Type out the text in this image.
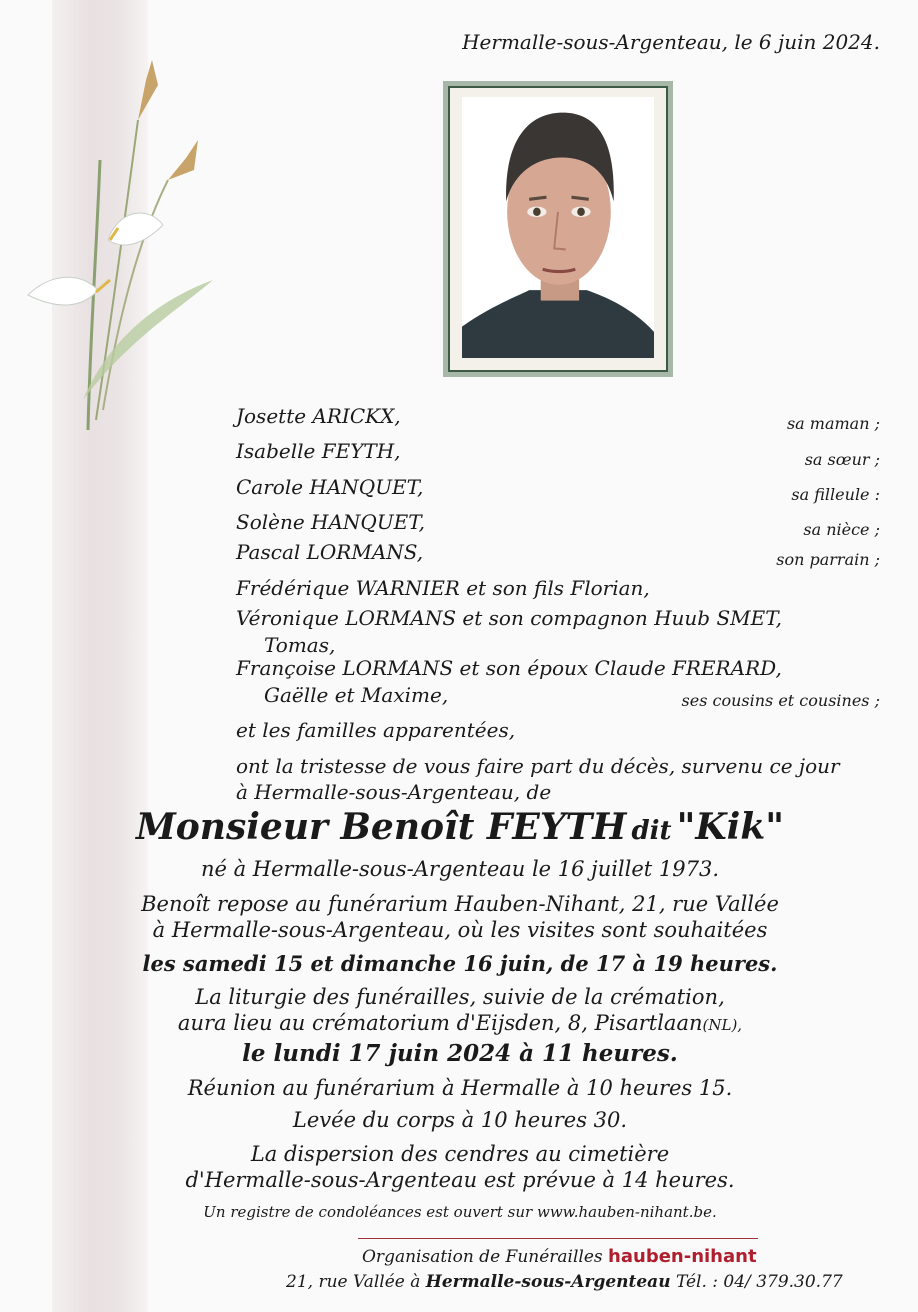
Hermalle-sous-Argenteau, le 6 juin 2024.
Josette ARICKX,	sa maman ;
Isabelle FEYTH,	sa sœur ;
Carole HANQUET,	sa filleule :
Solène HANQUET,	sa nièce ;
Pascal LORMANS,	son parrain ;
Frédérique WARNIER et son fils Florian,
Véronique LORMANS et son compagnon Huub SMET,
Tomas,
Françoise LORMANS et son époux Claude FRERARD,
Gaëlle et Maxime,	ses cousins et cousines ;
et les familles apparentées,
ont la tristesse de vous faire part du décès, survenu ce jour
à Hermalle-sous-Argenteau, de
Monsieur Benoît FEYTH dit "Kik"
né à Hermalle-sous-Argenteau le 16 juillet 1973.
Benoît repose au funérarium Hauben-Nihant, 21, rue Vallée
à Hermalle-sous-Argenteau, où les visites sont souhaitées
les samedi 15 et dimanche 16 juin, de 17 à 19 heures.
La liturgie des funérailles, suivie de la crémation,
aura lieu au crématorium d'Eijsden, 8, Pisartlaan(NL),
le lundi 17 juin 2024 à 11 heures.
Réunion au funérarium à Hermalle à 10 heures 15.
Levée du corps à 10 heures 30.
La dispersion des cendres au cimetière
d'Hermalle-sous-Argenteau est prévue à 14 heures.
Un registre de condoléances est ouvert sur www.hauben-nihant.be.
Organisation de Funérailles hauben-nihant
21, rue Vallée à Hermalle-sous-Argenteau Tél. : 04/ 379.30.77
